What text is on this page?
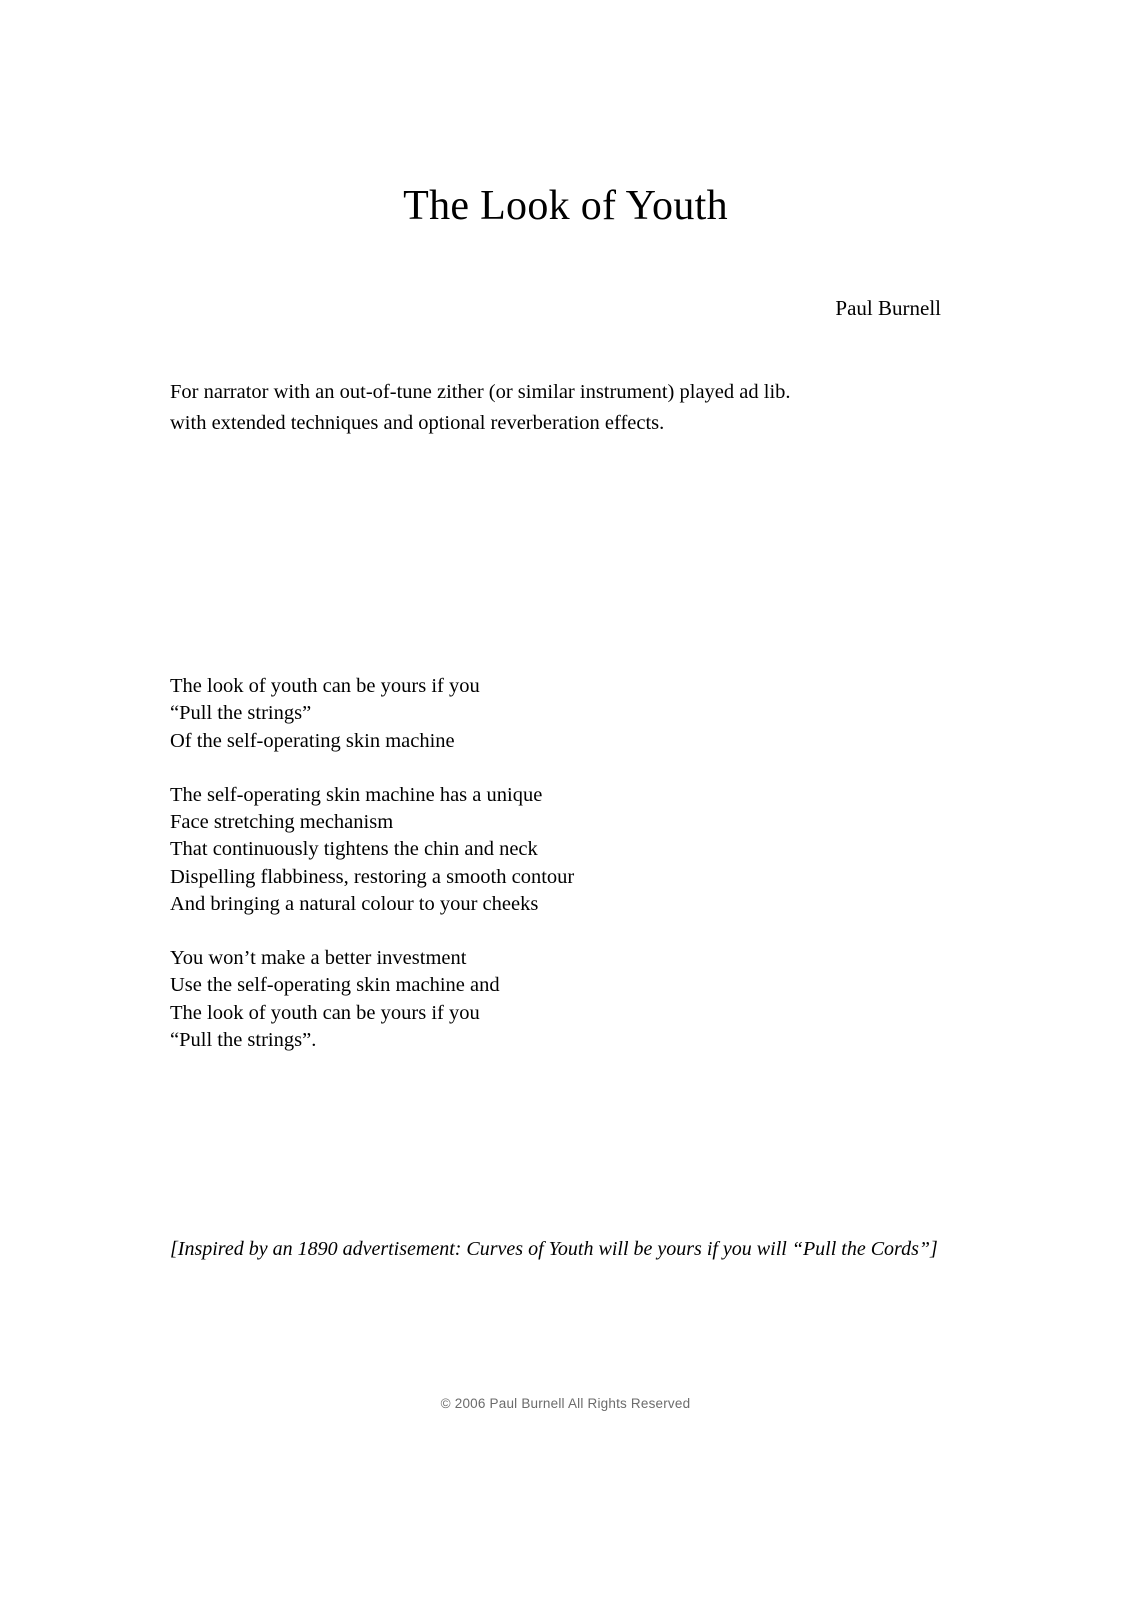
The Look of Youth
Paul Burnell
For narrator with an out-of-tune zither (or similar instrument) played ad lib.
with extended techniques and optional reverberation effects.
The look of youth can be yours if you
“Pull the strings”
Of the self-operating skin machine
The self-operating skin machine has a unique
Face stretching mechanism
That continuously tightens the chin and neck
Dispelling flabbiness, restoring a smooth contour
And bringing a natural colour to your cheeks
You won’t make a better investment
Use the self-operating skin machine and
The look of youth can be yours if you
“Pull the strings”.
[Inspired by an 1890 advertisement: Curves of Youth will be yours if you will “Pull the Cords”]
© 2006 Paul Burnell All Rights Reserved
